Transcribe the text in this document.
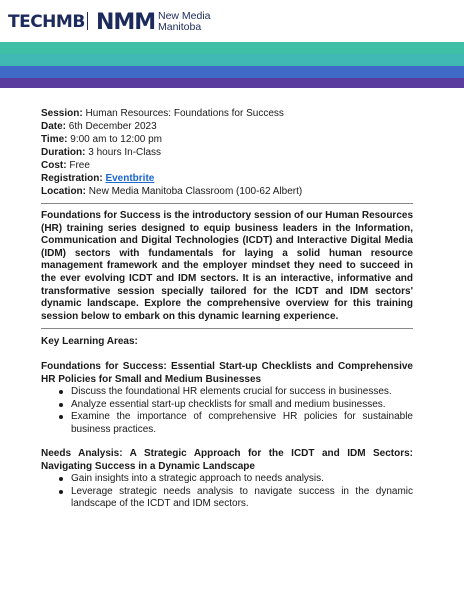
TECHMB NMM New Media
Manitoba

Session: Human Resources: Foundations for Success

Date: 6th December 2023

Time: 9:00 am to 12:00 pm

Duration: 3 hours In-Class

Cost: Free

Registration: Eventbrite

Location: New Media Manitoba Classroom (100-62 Albert)

Foundations for Success is the introductory session of our Human Resources (HR) training series designed to equip business leaders in the Information, Communication and Digital Technologies (ICDT) and Interactive Digital Media (IDM) sectors with fundamentals for laying a solid human resource management framework and the employer mindset they need to succeed in the ever evolving ICDT and IDM sectors. It is an interactive, informative and transformative session specially tailored for the ICDT and IDM sectors' dynamic landscape. Explore the comprehensive overview for this training session below to embark on this dynamic learning experience.

Key Learning Areas:

Foundations for Success: Essential Start-up Checklists and Comprehensive HR Policies for Small and Medium Businesses

Discuss the foundational HR elements crucial for success in businesses.
Analyze essential start-up checklists for small and medium businesses.
Examine the importance of comprehensive HR policies for sustainable business practices.

Needs Analysis: A Strategic Approach for the ICDT and IDM Sectors: Navigating Success in a Dynamic Landscape

Gain insights into a strategic approach to needs analysis.
Leverage strategic needs analysis to navigate success in the dynamic landscape of the ICDT and IDM sectors.
